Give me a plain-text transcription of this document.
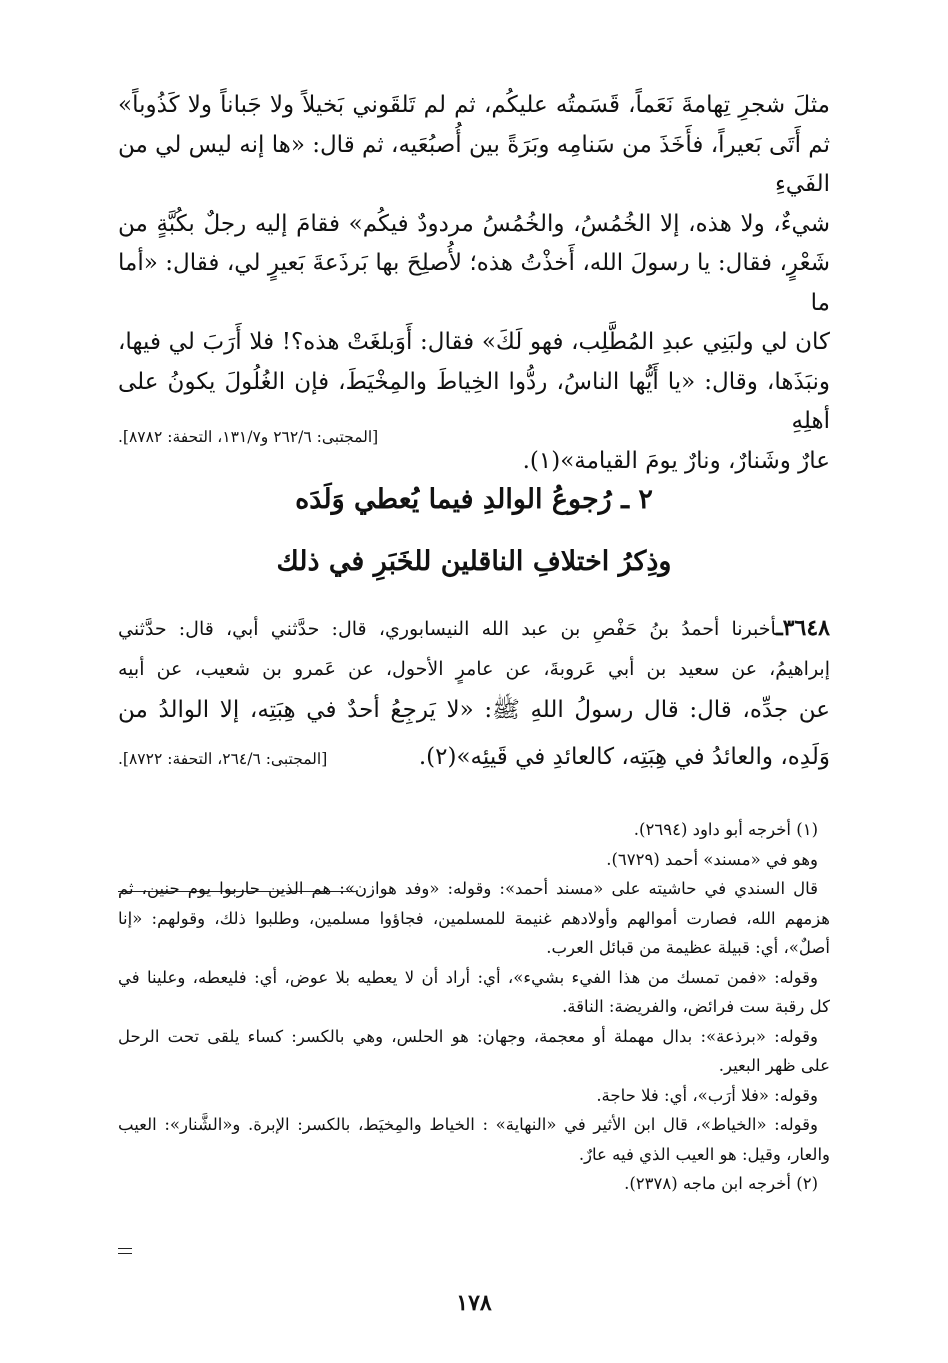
مثلَ شجرِ تِهامةَ نَعَماً، قَسَمتُه عليكُم، ثم لم تَلقَوني بَخيلاً ولا جَباناً ولا كَذُوباً»

ثم أَتَى بَعيراً، فأَخَذَ من سَنامِه وبَرَةً بين أُصبُعَيه، ثم قال: «ها إنه ليس لي من الفَيءِ

شيءٌ، ولا هذه، إلا الخُمُسُ، والخُمُسُ مردودٌ فيكُم» فقامَ إليه رجلٌ بكُبَّةٍ من

شَعْرٍ، فقال: يا رسولَ الله، أَخذْتُ هذه؛ لأُصلِحَ بها بَرذَعةَ بَعيرٍ لي، فقال: «أما ما

كان لي ولبَنِي عبدِ المُطَّلِب، فهو لَكَ» فقال: أَوَبلغَتْ هذه؟! فلا أَرَبَ لي فيها،

ونبَذَها، وقال: «يا أَيُّها الناسُ، ردُّوا الخِياطَ والمِخْيَطَ، فإن الغُلُولَ يكونُ على أهلِهِ

عارٌ وشَنارٌ، ونارٌ يومَ القيامة»(١).

[المجتبى: ٢٦٢/٦ و١٣١/٧، التحفة: ٨٧٨٢].
٢ ـ رُجوعُ الوالدِ فيما يُعطي وَلَدَه
وذِكرُ اختلافِ الناقلين للخَبَرِ في ذلك

٣٦٤٨ـأخبرنا أحمدُ بنُ حَفْصِ بن عبد الله النيسابوري، قال: حدَّثني أبي، قال: حدَّثني

إبراهيمُ، عن سعيد بن أبي عَروبةَ، عن عامرٍ الأحول، عن عَمرو بن شعيب، عن أبيه

عن جدِّه، قال: قال رسولُ اللهِ ﷺ: «لا يَرجِعُ أحدٌ في هِبَتِه، إلا الوالدُ من

وَلَدِه، والعائدُ في هِبَتِه، كالعائدِ في قَيئِه»(٢).
[المجتبى: ٢٦٤/٦، التحفة: ٨٧٢٢].

(١) أخرجه أبو داود (٢٦٩٤).

وهو في «مسند» أحمد (٦٧٢٩).

قال السندي في حاشيته على «مسند أحمد»: وقوله: «وفد هوازن»: هم الذين حاربوا يوم حنين، ثم

هزمهم الله، فصارت أموالهم وأولادهم غنيمة للمسلمين، فجاؤوا مسلمين، وطلبوا ذلك، وقولهم: «إنا

أصلٌ»، أي: قبيلة عظيمة من قبائل العرب.

وقوله: «فمن تمسك من هذا الفيء بشيء»، أي: أراد أن لا يعطيه بلا عوض، أي: فليعطه، وعلينا في

كل رقبة ست فرائض، والفريضة: الناقة.

وقوله: «برذعة»: بدال مهملة أو معجمة، وجهان: هو الحلس، وهي بالكسر: كساء يلقى تحت الرحل

على ظهر البعير.

وقوله: «فلا أرَب»، أي: فلا حاجة.

وقوله: «الخياط»، قال ابن الأثير في «النهاية» : الخياط والمِخيَط، بالكسر: الإبرة. و«الشَّنار»: العيب

والعار، وقيل: هو العيب الذي فيه عارٌ.

(٢) أخرجه ابن ماجه (٢٣٧٨).

١٧٨
